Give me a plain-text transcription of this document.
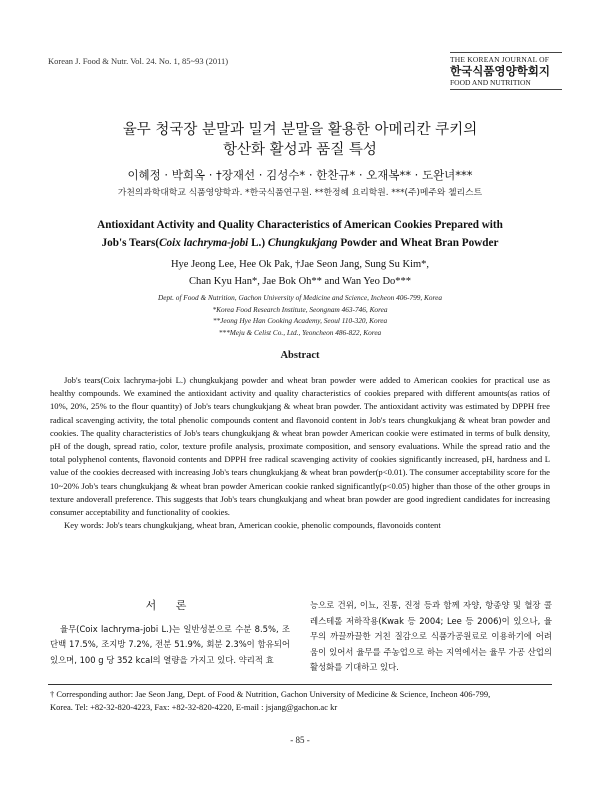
Korean J. Food & Nutr. Vol. 24. No. 1, 85~93 (2011)	THE KOREAN JOURNAL OF
한국식품영양학회지
FOOD AND NUTRITION
율무 청국장 분말과 밀겨 분말을 활용한 아메리칸 쿠키의
항산화 활성과 품질 특성
이혜정 · 박희옥 · †장재선 · 김성수* · 한찬규* · 오재복** · 도완녀***
가천의과학대학교 식품영양학과. *한국식품연구원. **한정혜 요리학원. ***(주)메주와 첼리스트
Antioxidant Activity and Quality Characteristics of American Cookies Prepared with
Job's Tears(Coix lachryma-jobi L.) Chungkukjang Powder and Wheat Bran Powder
Hye Jeong Lee, Hee Ok Pak, †Jae Seon Jang, Sung Su Kim*,
Chan Kyu Han*, Jae Bok Oh** and Wan Yeo Do***
Dept. of Food & Nutrition, Gachon University of Medicine and Science, Incheon 406-799, Korea
*Korea Food Research Institute, Seongnam 463-746, Korea
**Jeong Hye Han Cooking Academy, Seoul 110-320, Korea
***Meju & Celist Co., Ltd., Yeoncheon 486-822, Korea
Abstract

Job's tears(Coix lachryma-jobi L.) chungkukjang powder and wheat bran powder were added to American cookies for practical use as healthy compounds. We examined the antioxidant activity and quality characteristics of cookies prepared with different amounts(as ratios of 10%, 20%, 25% to the flour quantity) of Job's tears chungkukjang & wheat bran powder. The antioxidant activity was estimated by DPPH free radical scavenging activity, the total phenolic compounds content and flavonoid content in Job's tears chungkukjang & wheat bran powder and cookies. The quality characteristics of Job's tears chungkukjang & wheat bran powder American cookie were estimated in terms of bulk density, pH of the dough, spread ratio, color, texture profile analysis, proximate composition, and sensory evaluations. While the spread ratio and the total polyphenol contents, flavonoid contents and DPPH free radical scavenging activity of cookies significantly increased, pH, hardness and L value of the cookies decreased with increasing Job's tears chungkukjang & wheat bran powder(p<0.01). The consumer acceptability score for the 10~20% Job's tears chungkukjang & wheat bran powder American cookie ranked significantly(p<0.05) higher than those of the other groups in texture andoverall preference. This suggests that Job's tears chungkukjang and wheat bran powder are good ingredient candidates for increasing consumer acceptability and functionality of cookies.

Key words: Job's tears chungkukjang, wheat bran, American cookie, phenolic compounds, flavonoids content

서 론

율무(Coix lachryma-jobi L.)는 일반성분으로 수분 8.5%, 조단백 17.5%, 조지방 7.2%, 전분 51.9%, 회분 2.3%이 함유되어 있으며, 100 g 당 352 kcal의 열량을 가지고 있다. 약리적 효

능으로 건위, 이뇨, 진통, 진정 등과 함께 자양, 항종양 및 혈장 콜레스테롤 저하작용(Kwak 등 2004; Lee 등 2006)이 있으나, 율무의 까끌까끌한 거친 질감으로 식품가공원료로 이용하기에 어려움이 있어서 율무를 주농업으로 하는 지역에서는 율무 가공 산업의 활성화를 기대하고 있다.
† Corresponding author: Jae Seon Jang, Dept. of Food & Nutrition, Gachon University of Medicine & Science, Incheon 406-799,
Korea. Tel: +82-32-820-4223, Fax: +82-32-820-4220, E-mail : jsjang@gachon.ac kr
- 85 -
